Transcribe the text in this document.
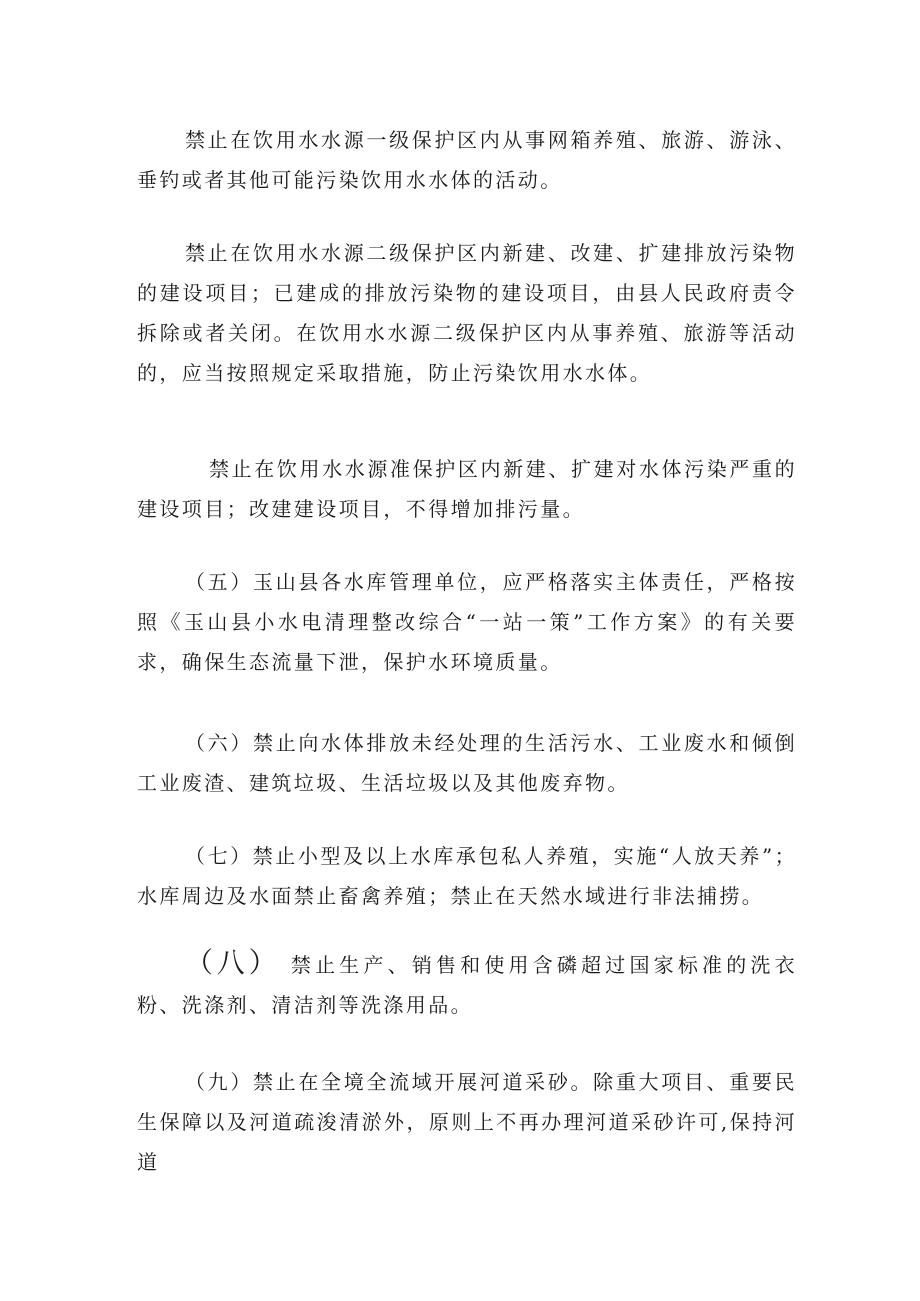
禁止在饮用水水源一级保护区内从事网箱养殖、旅游、游泳、垂钓或者其他可能污染饮用水水体的活动。

禁止在饮用水水源二级保护区内新建、改建、扩建排放污染物的建设项目；已建成的排放污染物的建设项目，由县人民政府责令拆除或者关闭。在饮用水水源二级保护区内从事养殖、旅游等活动的，应当按照规定采取措施，防止污染饮用水水体。

禁止在饮用水水源准保护区内新建、扩建对水体污染严重的建设项目；改建建设项目，不得增加排污量。

（五）玉山县各水库管理单位，应严格落实主体责任，严格按照《玉山县小水电清理整改综合“一站一策”工作方案》的有关要求，确保生态流量下泄，保护水环境质量。

（六）禁止向水体排放未经处理的生活污水、工业废水和倾倒工业废渣、建筑垃圾、生活垃圾以及其他废弃物。

（七）禁止小型及以上水库承包私人养殖，实施“人放天养”；水库周边及水面禁止畜禽养殖；禁止在天然水域进行非法捕捞。

（八） 禁止生产、销售和使用含磷超过国家标准的洗衣粉、洗涤剂、清洁剂等洗涤用品。

（九）禁止在全境全流域开展河道采砂。除重大项目、重要民生保障以及河道疏浚清淤外，原则上不再办理河道采砂许可,保持河道
